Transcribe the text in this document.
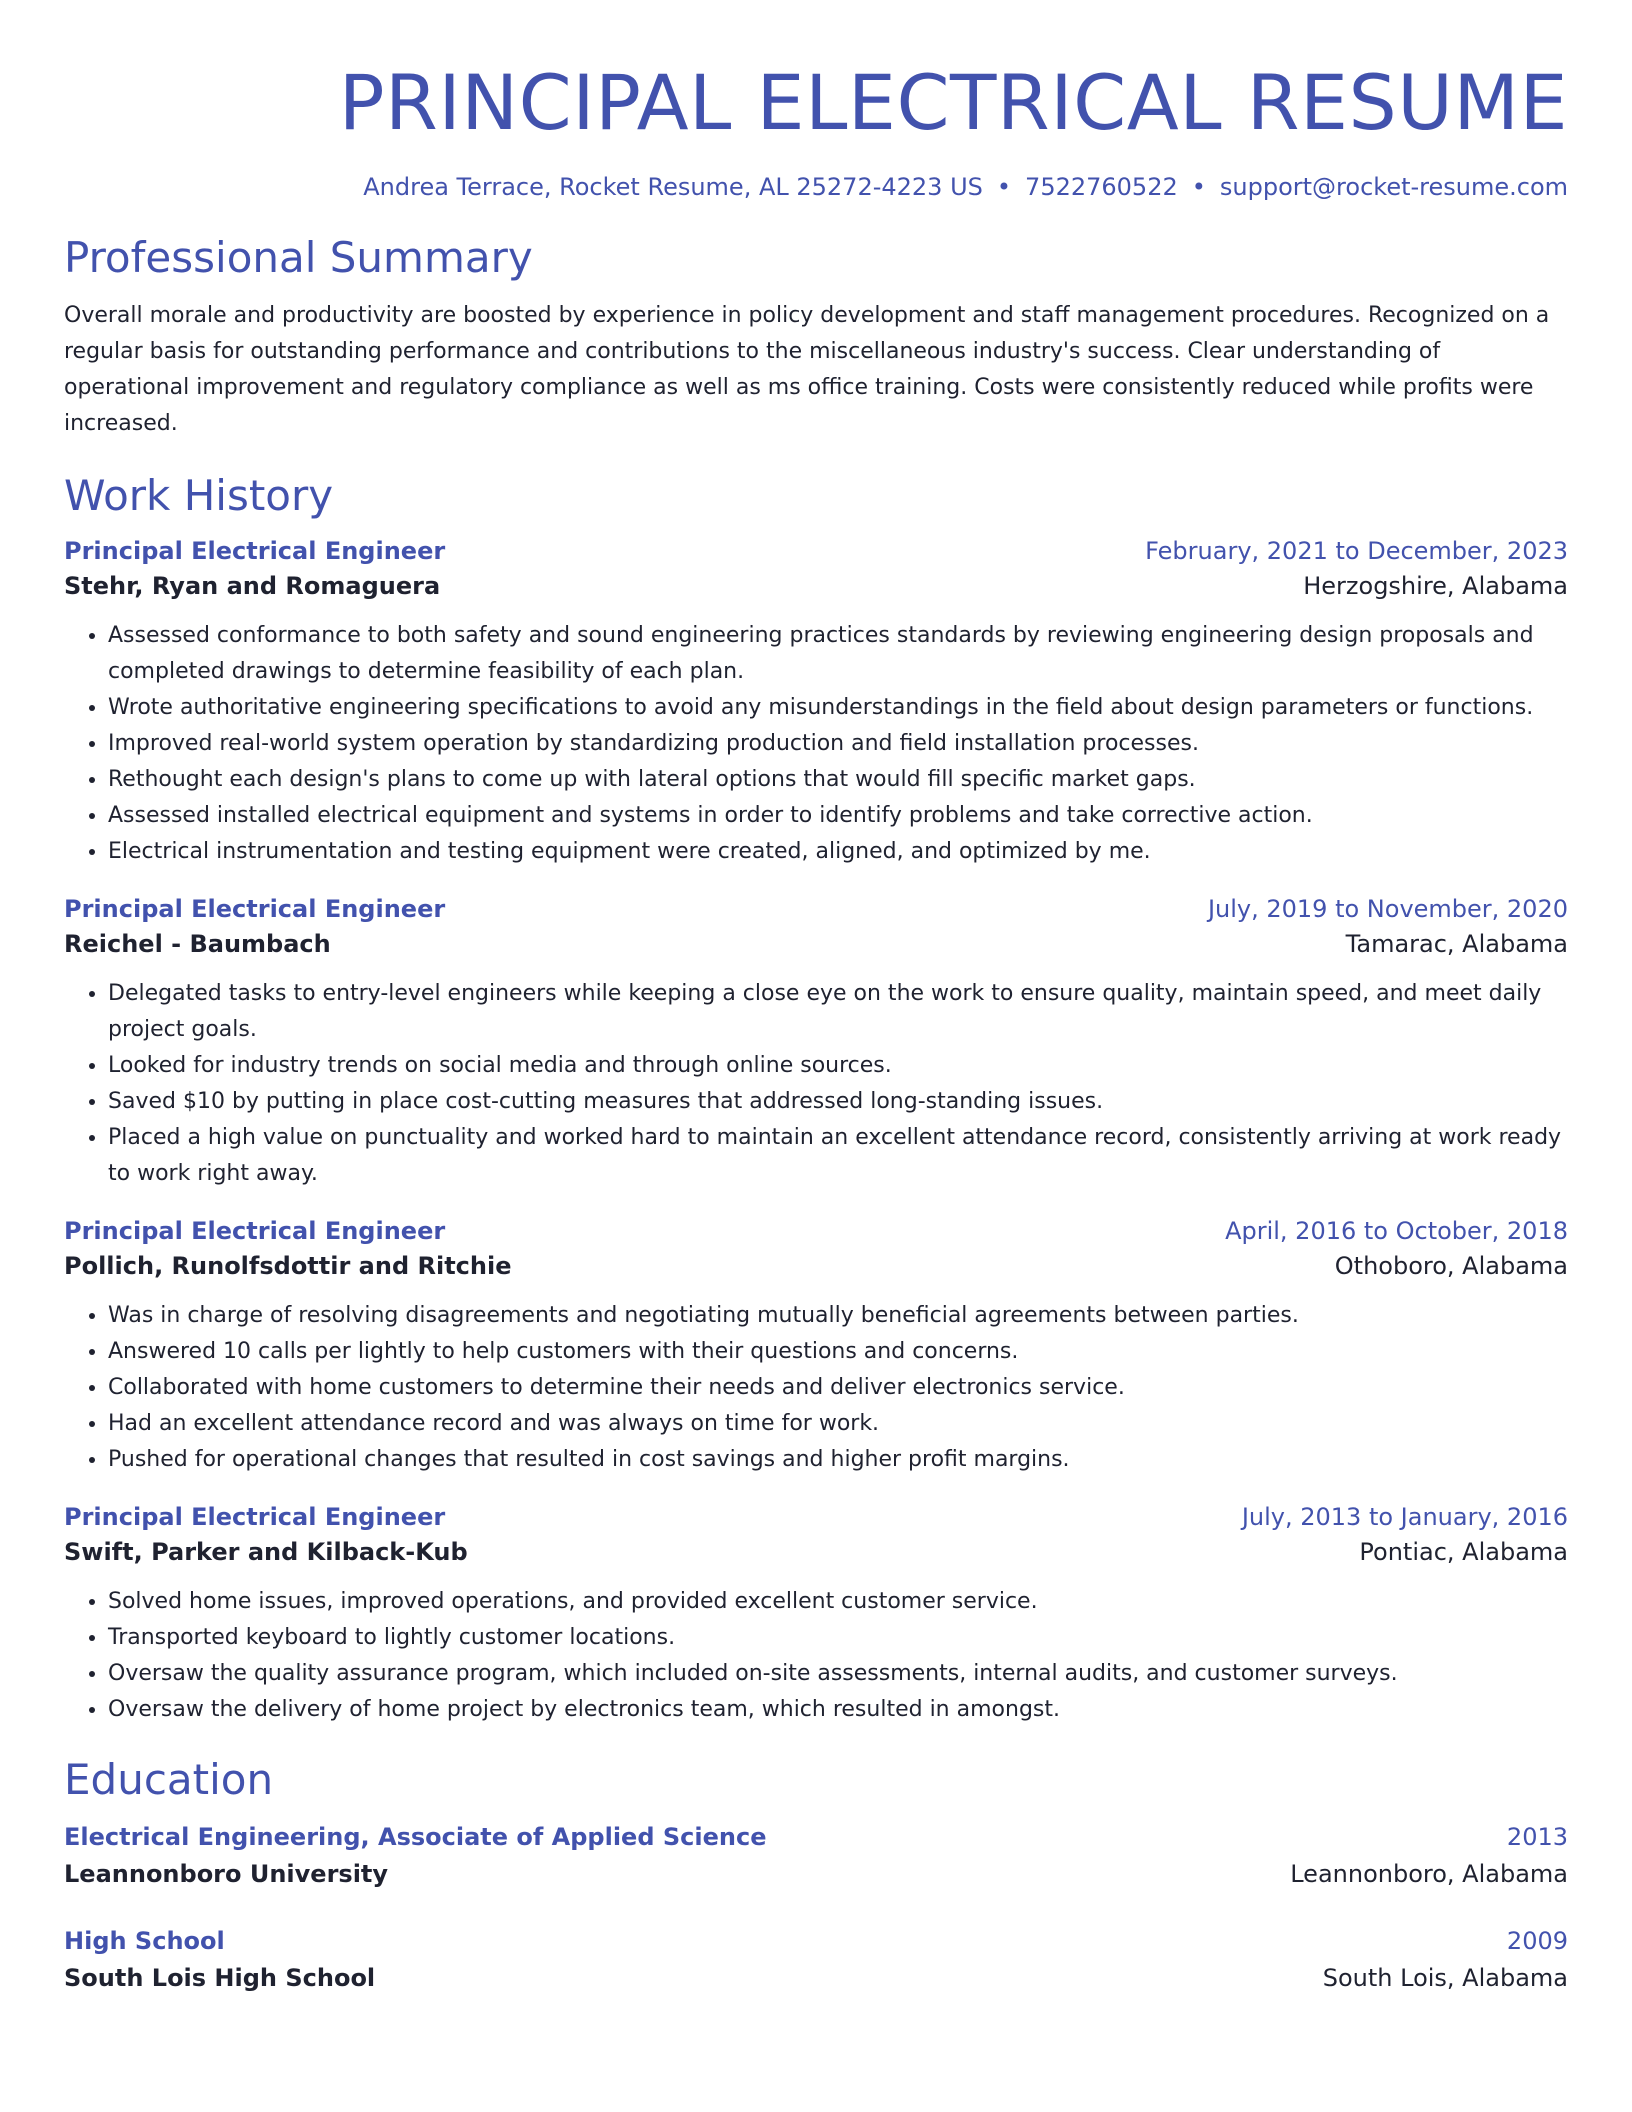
PRINCIPAL ELECTRICAL RESUME
Andrea Terrace, Rocket Resume, AL 25272-4223 US • 7522760522 • support@rocket-resume.com
Professional Summary
Overall morale and productivity are boosted by experience in policy development and staff management procedures. Recognized on a regular basis for outstanding performance and contributions to the miscellaneous industry's success. Clear understanding of operational improvement and regulatory compliance as well as ms office training. Costs were consistently reduced while profits were increased.
Work History
Principal Electrical Engineer	February, 2021 to December, 2023
Stehr, Ryan and Romaguera	Herzogshire, Alabama
• Assessed conformance to both safety and sound engineering practices standards by reviewing engineering design proposals and completed drawings to determine feasibility of each plan.
• Wrote authoritative engineering specifications to avoid any misunderstandings in the field about design parameters or functions.
• Improved real-world system operation by standardizing production and field installation processes.
• Rethought each design's plans to come up with lateral options that would fill specific market gaps.
• Assessed installed electrical equipment and systems in order to identify problems and take corrective action.
• Electrical instrumentation and testing equipment were created, aligned, and optimized by me.
Principal Electrical Engineer	July, 2019 to November, 2020
Reichel - Baumbach	Tamarac, Alabama
• Delegated tasks to entry-level engineers while keeping a close eye on the work to ensure quality, maintain speed, and meet daily project goals.
• Looked for industry trends on social media and through online sources.
• Saved $10 by putting in place cost-cutting measures that addressed long-standing issues.
• Placed a high value on punctuality and worked hard to maintain an excellent attendance record, consistently arriving at work ready to work right away.
Principal Electrical Engineer	April, 2016 to October, 2018
Pollich, Runolfsdottir and Ritchie	Othoboro, Alabama
• Was in charge of resolving disagreements and negotiating mutually beneficial agreements between parties.
• Answered 10 calls per lightly to help customers with their questions and concerns.
• Collaborated with home customers to determine their needs and deliver electronics service.
• Had an excellent attendance record and was always on time for work.
• Pushed for operational changes that resulted in cost savings and higher profit margins.
Principal Electrical Engineer	July, 2013 to January, 2016
Swift, Parker and Kilback-Kub	Pontiac, Alabama
• Solved home issues, improved operations, and provided excellent customer service.
• Transported keyboard to lightly customer locations.
• Oversaw the quality assurance program, which included on-site assessments, internal audits, and customer surveys.
• Oversaw the delivery of home project by electronics team, which resulted in amongst.
Education
Electrical Engineering, Associate of Applied Science	2013
Leannonboro University	Leannonboro, Alabama
High School	2009
South Lois High School	South Lois, Alabama
